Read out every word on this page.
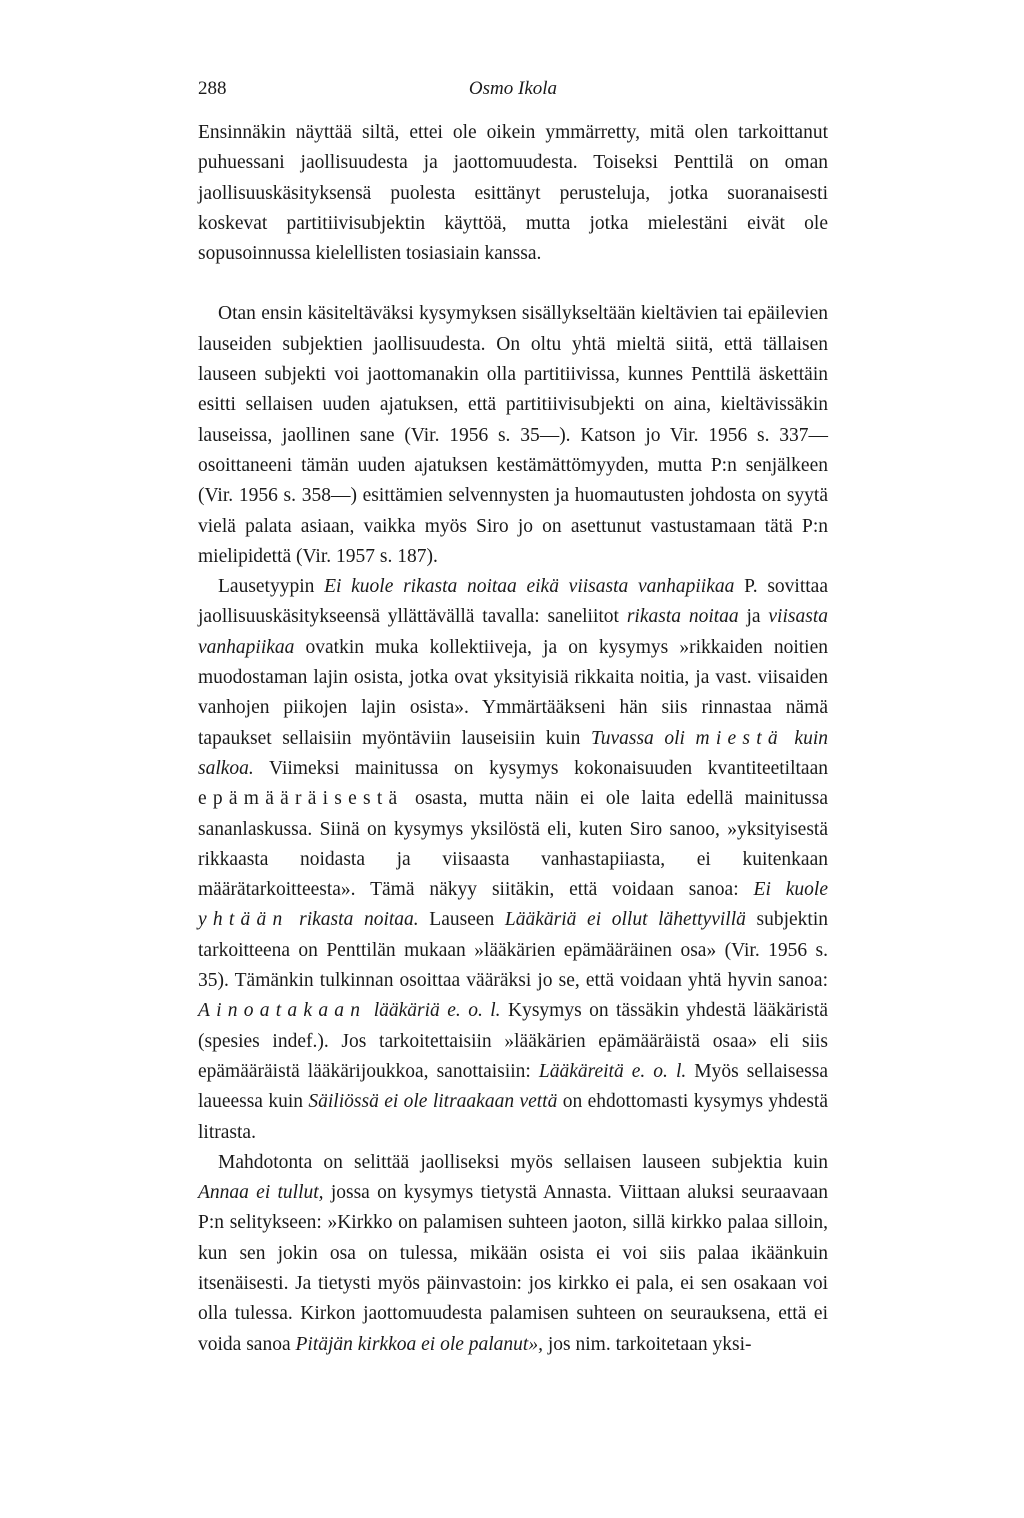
288	Osmo Ikola

Ensinnäkin näyttää siltä, ettei ole oikein ymmärretty, mitä olen tarkoittanut puhuessani jaollisuudesta ja jaottomuudesta. Toiseksi Penttilä on oman jaollisuuskäsityksensä puolesta esittänyt perusteluja, jotka suoranaisesti koskevat partitiivisubjektin käyttöä, mutta jotka mielestäni eivät ole sopusoinnussa kielellisten tosiasiain kanssa.

Otan ensin käsiteltäväksi kysymyksen sisällykseltään kieltävien tai epäilevien lauseiden subjektien jaollisuudesta. On oltu yhtä mieltä siitä, että tällaisen lauseen subjekti voi jaottomanakin olla partitiivissa, kunnes Penttilä äskettäin esitti sellaisen uuden ajatuksen, että partitiivisubjekti on aina, kieltävissäkin lauseissa, jaollinen sane (Vir. 1956 s. 35—). Katson jo Vir. 1956 s. 337— osoittaneeni tämän uuden ajatuksen kestämättömyyden, mutta P:n senjälkeen (Vir. 1956 s. 358—) esittämien selvennysten ja huomautusten johdosta on syytä vielä palata asiaan, vaikka myös Siro jo on asettunut vastustamaan tätä P:n mielipidettä (Vir. 1957 s. 187).

Lausetyypin Ei kuole rikasta noitaa eikä viisasta vanhapiikaa P. sovittaa jaollisuuskäsitykseensä yllättävällä tavalla: saneliitot rikasta noitaa ja viisasta vanhapiikaa ovatkin muka kollektiiveja, ja on kysymys »rikkaiden noitien muodostaman lajin osista, jotka ovat yksityisiä rikkaita noitia, ja vast. viisaiden vanhojen piikojen lajin osista». Ymmärtääkseni hän siis rinnastaa nämä tapaukset sellaisiin myöntäviin lauseisiin kuin Tuvassa oli miestä kuin salkoa. Viimeksi mainitussa on kysymys kokonaisuuden kvantiteetiltaan epämääräisestä osasta, mutta näin ei ole laita edellä mainitussa sananlaskussa. Siinä on kysymys yksilöstä eli, kuten Siro sanoo, »yksityisestä rikkaasta noidasta ja viisaasta vanhastapiiasta, ei kuitenkaan määrätarkoitteesta». Tämä näkyy siitäkin, että voidaan sanoa: Ei kuole yhtään rikasta noitaa. Lauseen Lääkäriä ei ollut lähettyvillä subjektin tarkoitteena on Penttilän mukaan »lääkärien epämääräinen osa» (Vir. 1956 s. 35). Tämänkin tulkinnan osoittaa vääräksi jo se, että voidaan yhtä hyvin sanoa: Ainoatakaan lääkäriä e. o. l. Kysymys on tässäkin yhdestä lääkäristä (spesies indef.). Jos tarkoitettaisiin »lääkärien epämääräistä osaa» eli siis epämääräistä lääkärijoukkoa, sanottaisiin: Lääkäreitä e. o. l. Myös sellaisessa laueessa kuin Säiliössä ei ole litraakaan vettä on ehdottomasti kysymys yhdestä litrasta.

Mahdotonta on selittää jaolliseksi myös sellaisen lauseen subjektia kuin Annaa ei tullut, jossa on kysymys tietystä Annasta. Viittaan aluksi seuraavaan P:n selitykseen: »Kirkko on palamisen suhteen jaoton, sillä kirkko palaa silloin, kun sen jokin osa on tulessa, mikään osista ei voi siis palaa ikäänkuin itsenäisesti. Ja tietysti myös päinvastoin: jos kirkko ei pala, ei sen osakaan voi olla tulessa. Kirkon jaottomuudesta palamisen suhteen on seurauksena, että ei voida sanoa Pitäjän kirkkoa ei ole palanut», jos nim. tarkoitetaan yksi-
